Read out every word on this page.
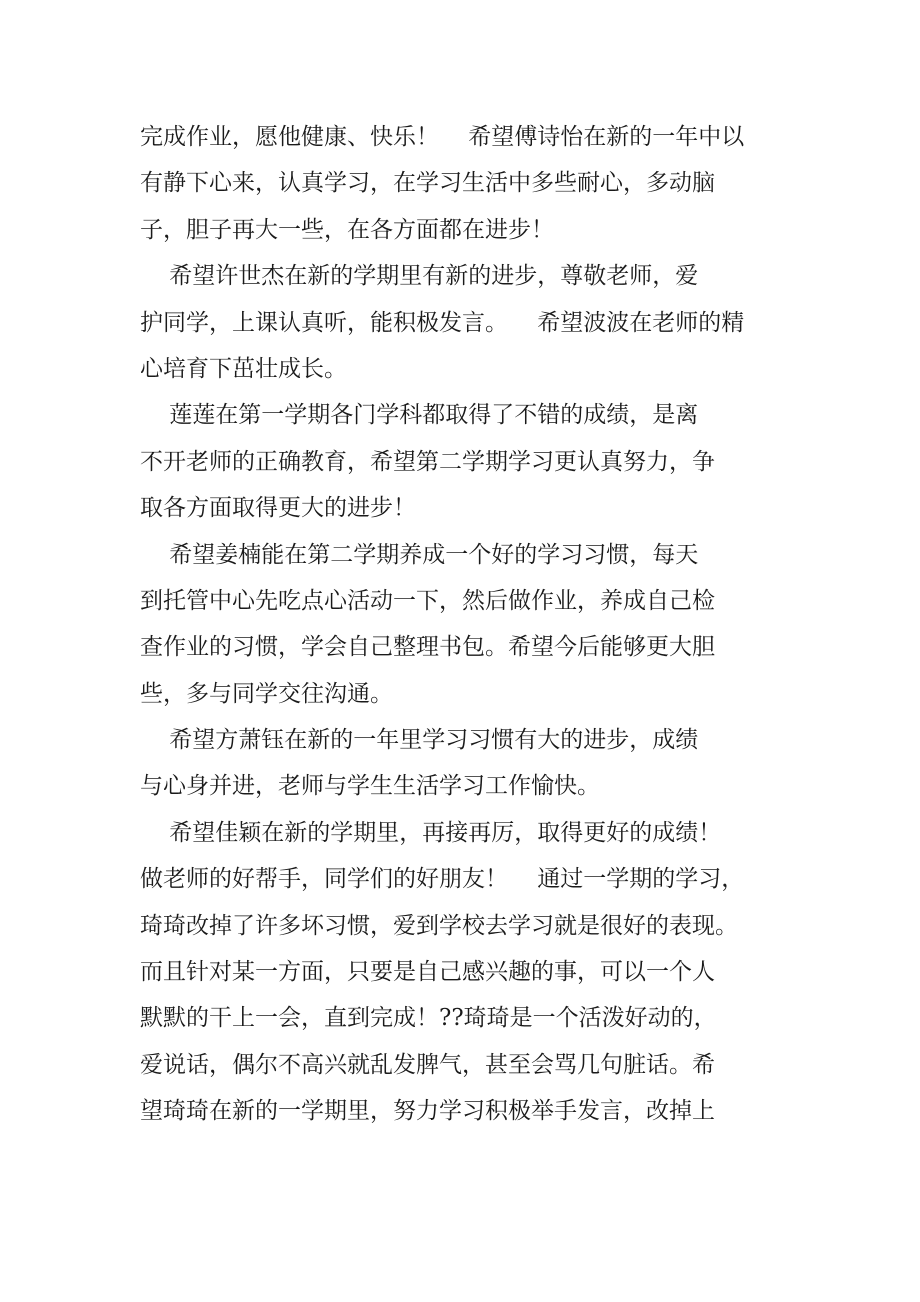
完成作业，愿他健康、快乐！    希望傅诗怡在新的一年中以
有静下心来，认真学习，在学习生活中多些耐心，多动脑
子，胆子再大一些，在各方面都在进步！
希望许世杰在新的学期里有新的进步，尊敬老师，爱
护同学，上课认真听，能积极发言。    希望波波在老师的精
心培育下茁壮成长。
莲莲在第一学期各门学科都取得了不错的成绩，是离
不开老师的正确教育，希望第二学期学习更认真努力，争
取各方面取得更大的进步！
希望姜楠能在第二学期养成一个好的学习习惯，每天
到托管中心先吃点心活动一下，然后做作业，养成自己检
查作业的习惯，学会自己整理书包。希望今后能够更大胆
些，多与同学交往沟通。
希望方萧钰在新的一年里学习习惯有大的进步，成绩
与心身并进，老师与学生生活学习工作愉快。
希望佳颖在新的学期里，再接再厉，取得更好的成绩！
做老师的好帮手，同学们的好朋友！    通过一学期的学习，
琦琦改掉了许多坏习惯，爱到学校去学习就是很好的表现。
而且针对某一方面，只要是自己感兴趣的事，可以一个人
默默的干上一会，直到完成！??琦琦是一个活泼好动的，
爱说话，偶尔不高兴就乱发脾气，甚至会骂几句脏话。希
望琦琦在新的一学期里，努力学习积极举手发言，改掉上
